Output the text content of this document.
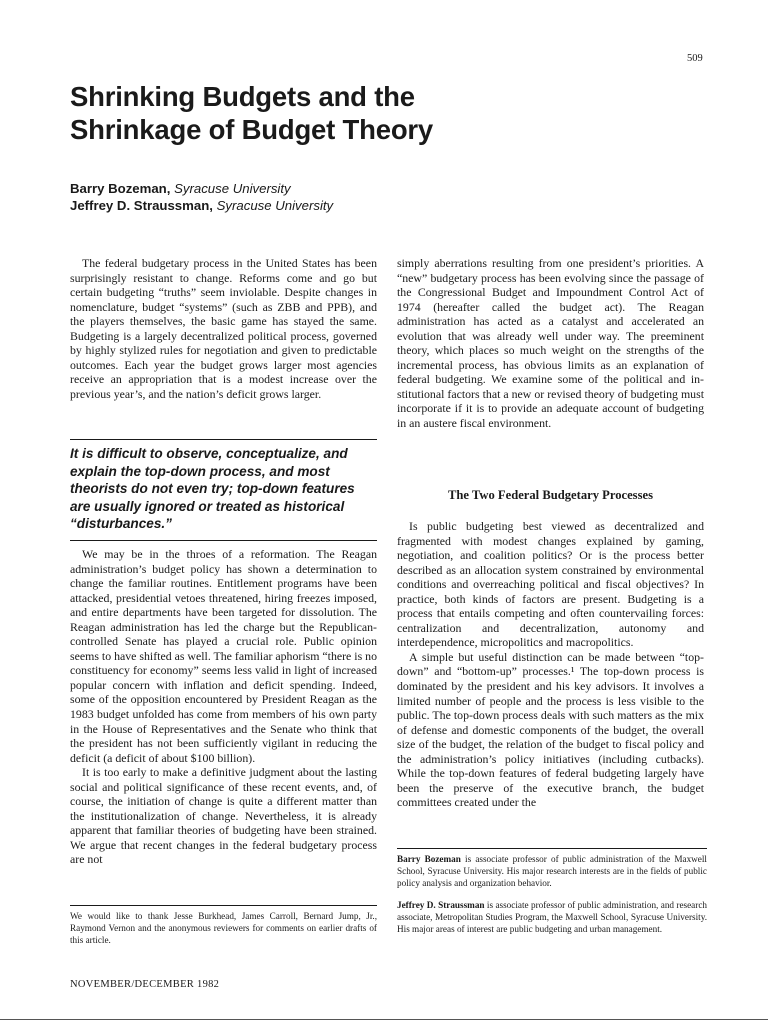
509
Shrinking Budgets and the
Shrinkage of Budget Theory
Barry Bozeman, Syracuse University
Jeffrey D. Straussman, Syracuse University

The federal budgetary process in the United States has been surprisingly resistant to change. Reforms come and go but certain budgeting “truths” seem inviolable. Despite changes in nomenclature, budget “systems” (such as ZBB and PPB), and the players themselves, the basic game has stayed the same. Budgeting is a largely decentralized political process, governed by highly stylized rules for negotiation and given to predictable outcomes. Each year the budget grows larger most agencies receive an appropriation that is a modest increase over the previous year’s, and the nation’s deficit grows larger.

It is difficult to observe, conceptualize, and explain the top-down process, and most theorists do not even try; top-down features are usually ignored or treated as historical “disturbances.”

We may be in the throes of a reformation. The Reagan administration’s budget policy has shown a determination to change the familiar routines. Entitlement programs have been attacked, presidential vetoes threatened, hiring freezes imposed, and entire departments have been targeted for dissolution. The Reagan administration has led the charge but the Republican-controlled Senate has played a crucial role. Public opinion seems to have shifted as well. The familiar aphorism “there is no constituency for economy” seems less valid in light of increased popular concern with inflation and deficit spending. Indeed, some of the opposition encountered by President Reagan as the 1983 budget unfolded has come from members of his own party in the House of Representatives and the Senate who think that the president has not been sufficiently vigilant in reducing the deficit (a deficit of about $100 billion).

It is too early to make a definitive judgment about the lasting social and political significance of these recent events, and, of course, the initiation of change is quite a different matter than the institutionalization of change. Nevertheless, it is already apparent that familiar theories of budgeting have been strained. We argue that recent changes in the federal budgetary process are not

simply aberrations resulting from one president’s priorities. A “new” budgetary process has been evolving since the passage of the Congressional Budget and Impoundment Control Act of 1974 (hereafter called the budget act). The Reagan administration has acted as a catalyst and accelerated an evolution that was already well under way. The preeminent theory, which places so much weight on the strengths of the incremental process, has obvious limits as an explanation of federal budgeting. We examine some of the political and institutional factors that a new or revised theory of budgeting must incorporate if it is to provide an adequate account of budgeting in an austere fiscal environment.

The Two Federal Budgetary Processes

Is public budgeting best viewed as decentralized and fragmented with modest changes explained by gaming, negotiation, and coalition politics? Or is the process better described as an allocation system constrained by environmental conditions and overreaching political and fiscal objectives? In practice, both kinds of factors are present. Budgeting is a process that entails competing and often countervailing forces: centralization and decentralization, autonomy and interdependence, micropolitics and macropolitics.

A simple but useful distinction can be made between “top-down” and “bottom-up” processes.¹ The top-down process is dominated by the president and his key advisors. It involves a limited number of people and the process is less visible to the public. The top-down process deals with such matters as the mix of defense and domestic components of the budget, the overall size of the budget, the relation of the budget to fiscal policy and the administration’s policy initiatives (including cutbacks). While the top-down features of federal budgeting largely have been the preserve of the executive branch, the budget committees created under the

We would like to thank Jesse Burkhead, James Carroll, Bernard Jump, Jr., Raymond Vernon and the anonymous reviewers for comments on earlier drafts of this article.
Barry Bozeman is associate professor of public administration of the Maxwell School, Syracuse University. His major research interests are in the fields of public policy analysis and organization behavior.
Jeffrey D. Straussman is associate professor of public administration, and research associate, Metropolitan Studies Program, the Maxwell School, Syracuse University. His major areas of interest are public budgeting and urban management.
NOVEMBER/DECEMBER 1982
